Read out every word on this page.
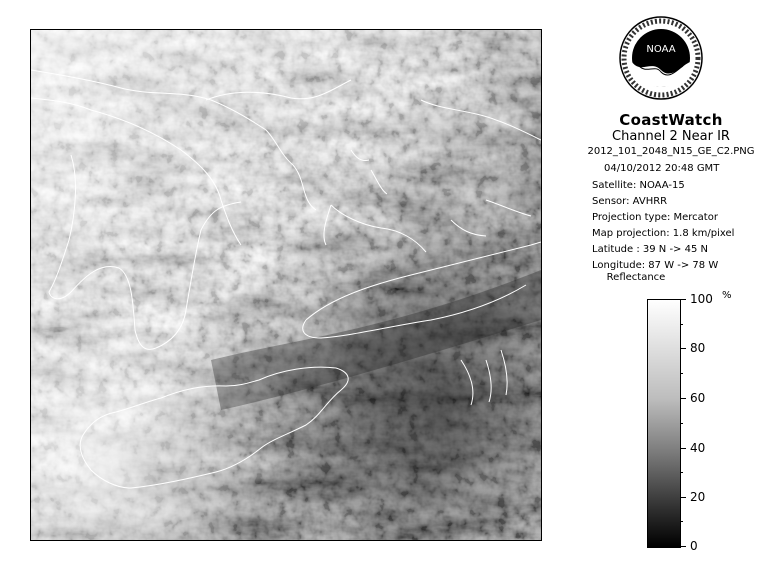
NOAA
CoastWatch
Channel 2 Near IR
2012_101_2048_N15_GE_C2.PNG
04/10/2012 20:48 GMT
Satellite: NOAA-15
Sensor: AVHRR
Projection type: Mercator
Map projection: 1.8 km/pixel
Latitude : 39 N -> 45 N
Longitude: 87 W -> 78 W
Reflectance
%
100
80
60
40
20
0
